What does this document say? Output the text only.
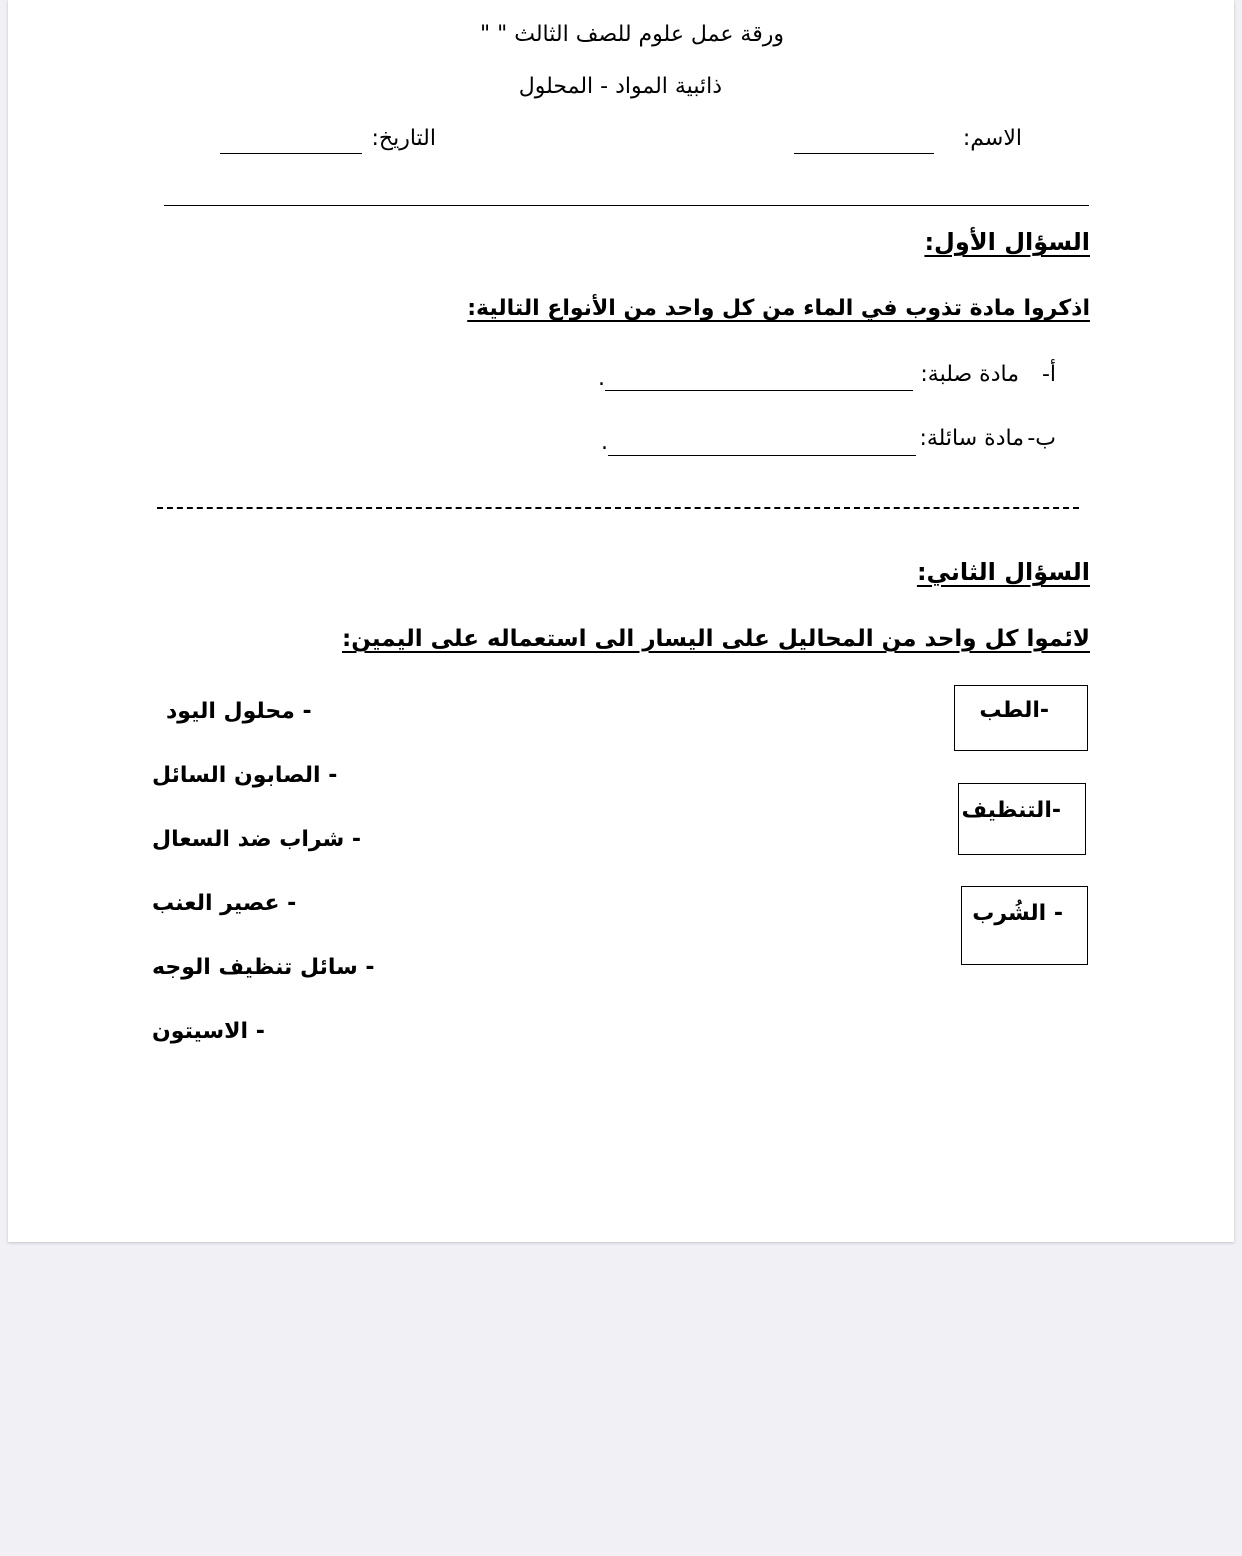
ورقة عمل علوم للصف الثالث " "
ذائبية المواد - المحلول
الاسم:
التاريخ:
السؤال الأول:
اذكروا مادة تذوب في الماء من كل واحد من الأنواع التالية:
أ-
مادة صلبة:
.
ب-
مادة سائلة:
.
السؤال الثاني:
لائموا كل واحد من المحاليل على اليسار الى استعماله على اليمين:
-الطب
-التنظيف
- الشُرب
- محلول اليود
- الصابون السائل
- شراب ضد السعال
- عصير العنب
- سائل تنظيف الوجه
- الاسيتون
